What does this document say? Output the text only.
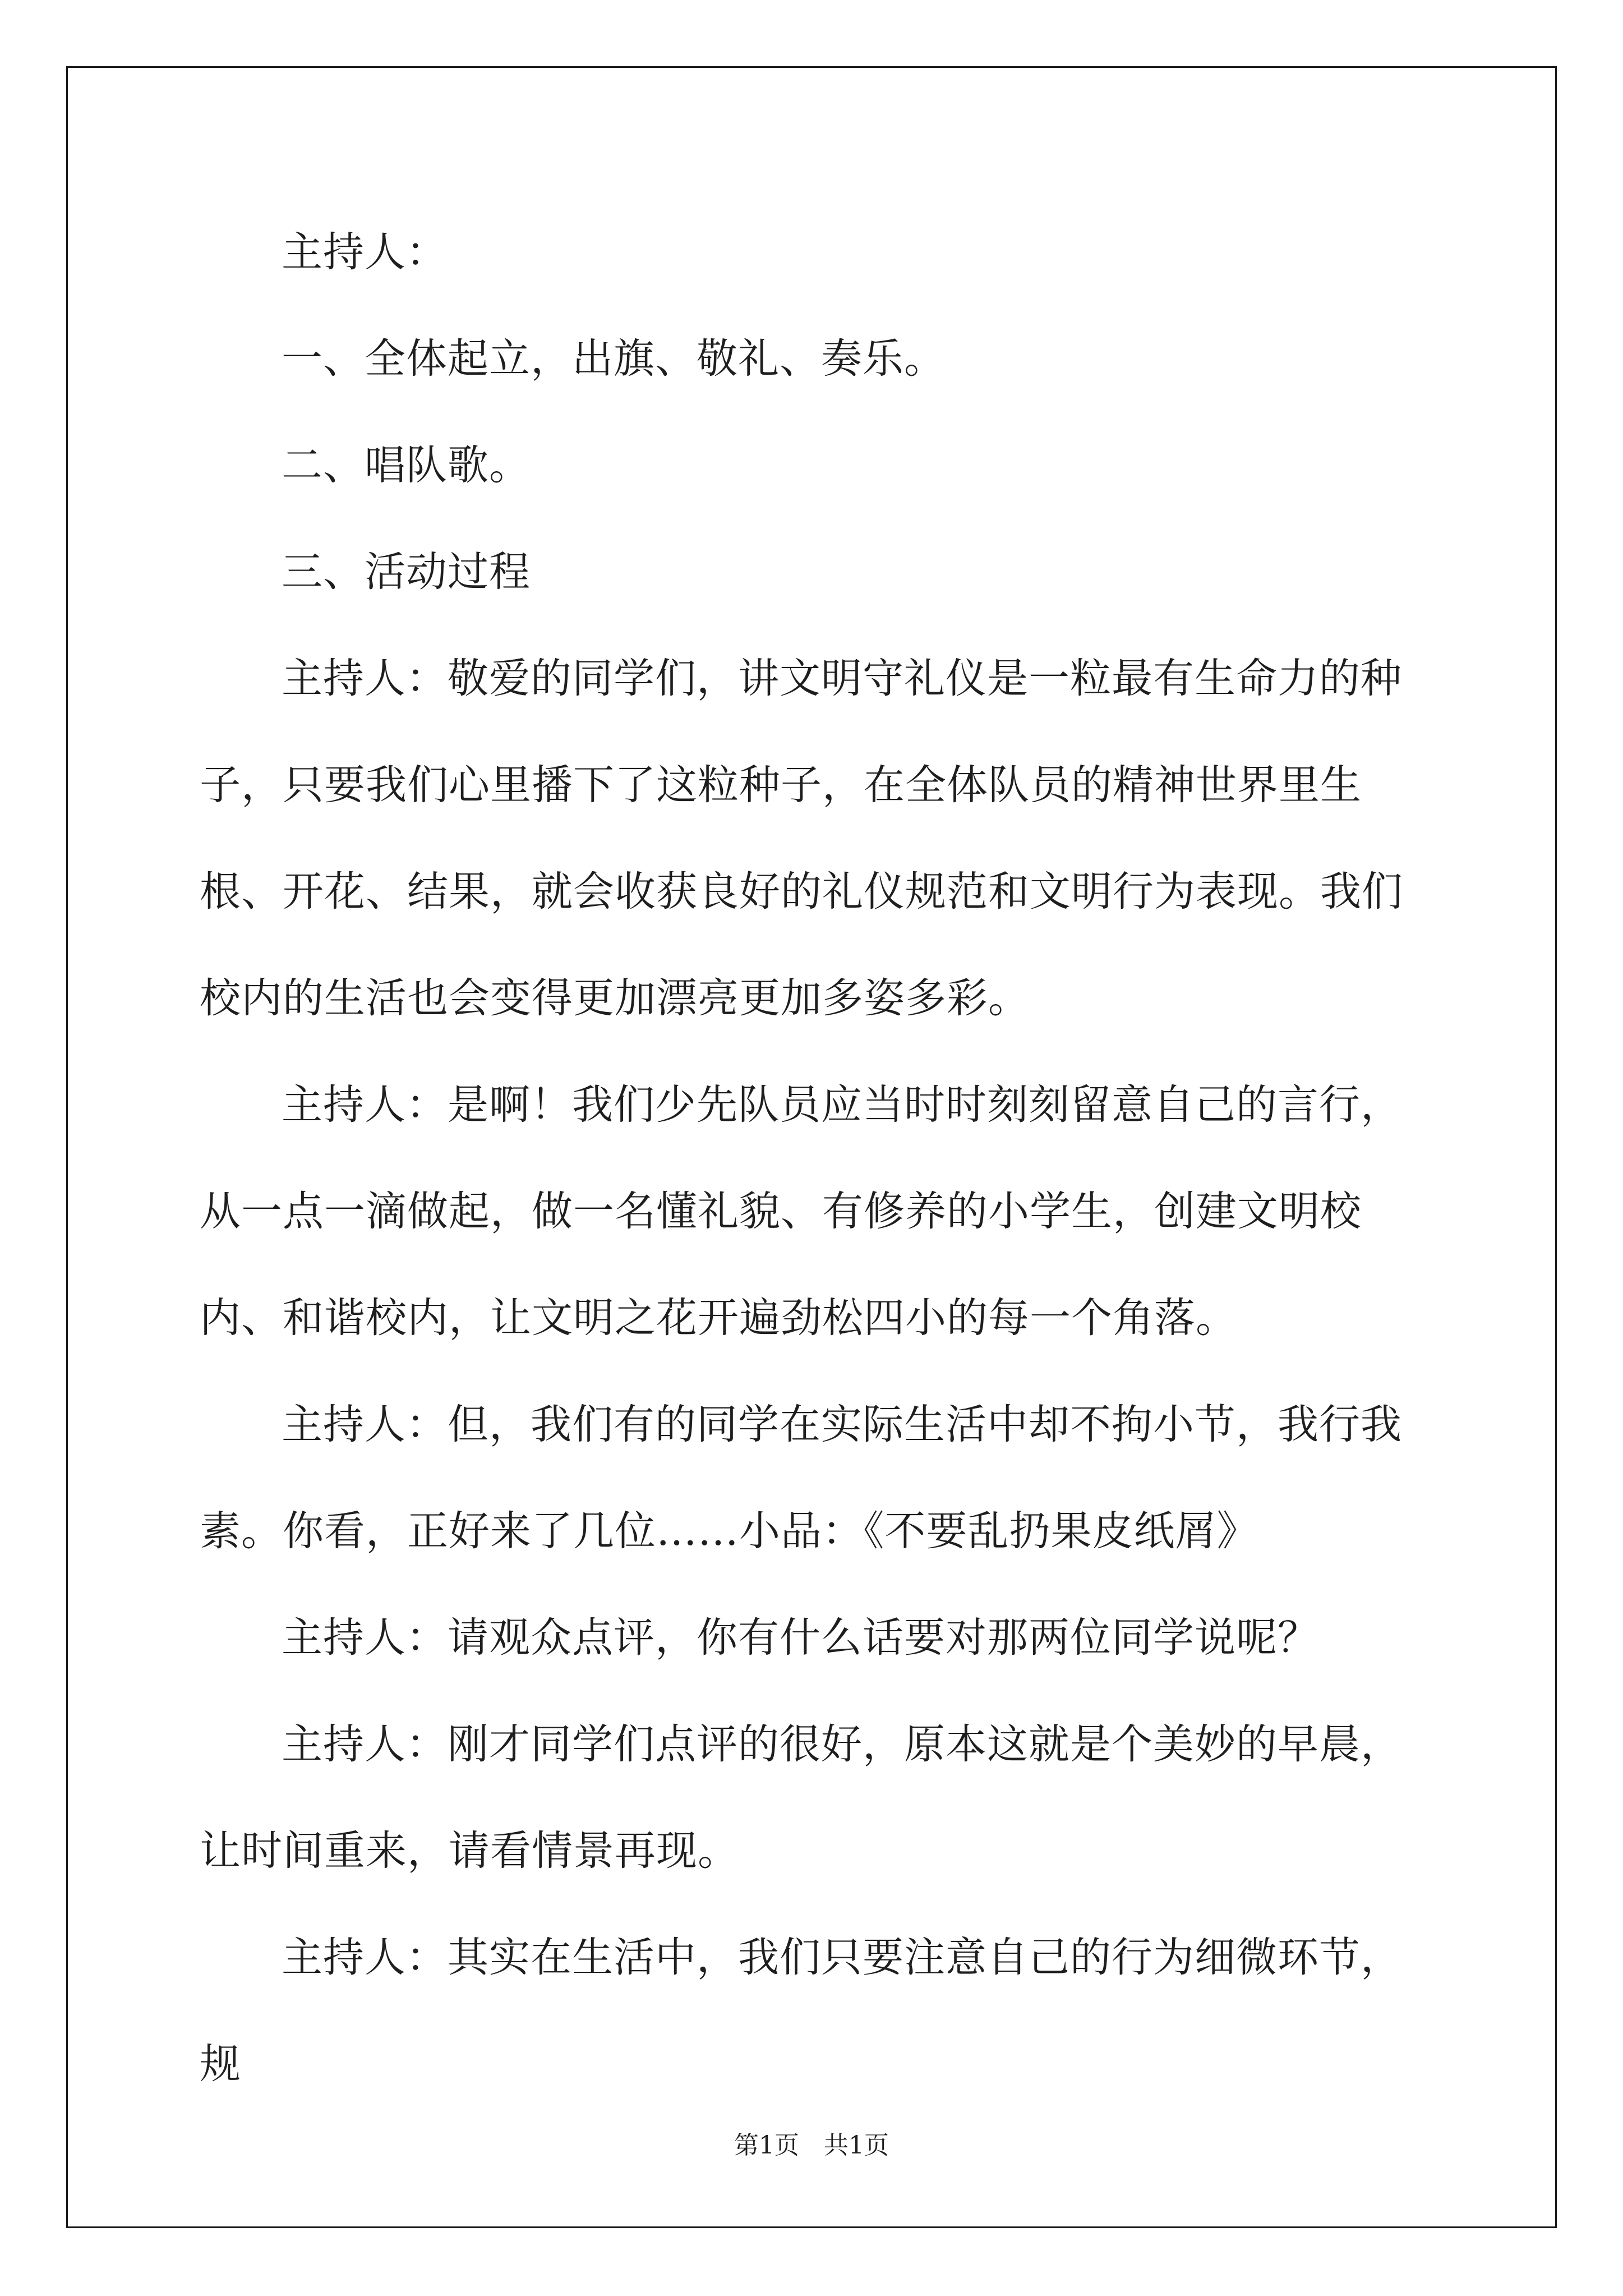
主持人：

一、全体起立，出旗、敬礼、奏乐。

二、唱队歌。

三、活动过程

主持人：敬爱的同学们，讲文明守礼仪是一粒最有生命力的种子，只要我们心里播下了这粒种子，在全体队员的精神世界里生根、开花、结果，就会收获良好的礼仪规范和文明行为表现。我们校内的生活也会变得更加漂亮更加多姿多彩。

主持人：是啊！我们少先队员应当时时刻刻留意自己的言行，从一点一滴做起，做一名懂礼貌、有修养的小学生，创建文明校内、和谐校内，让文明之花开遍劲松四小的每一个角落。

主持人：但，我们有的同学在实际生活中却不拘小节，我行我素。你看，正好来了几位……小品：《不要乱扔果皮纸屑》

主持人：请观众点评，你有什么话要对那两位同学说呢？

主持人：刚才同学们点评的很好，原本这就是个美妙的早晨，让时间重来，请看情景再现。

主持人：其实在生活中，我们只要注意自己的行为细微环节，规

第1页　共1页
